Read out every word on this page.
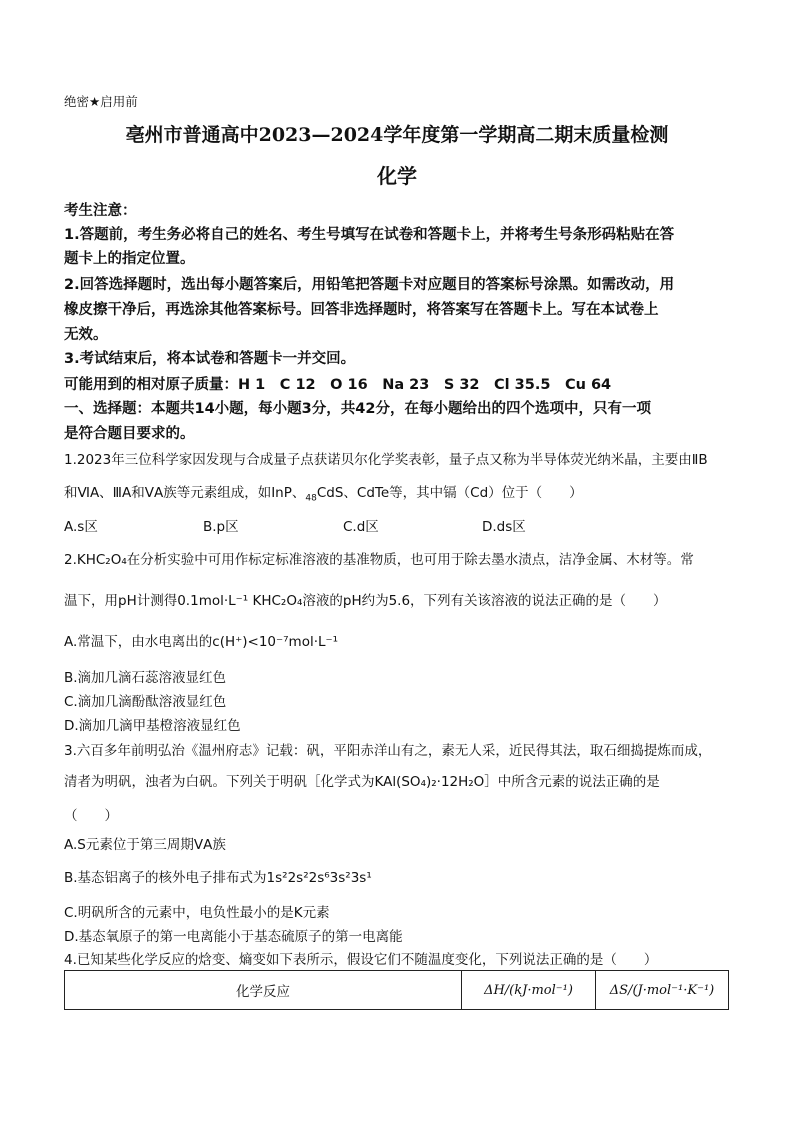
绝密★启用前
亳州市普通高中2023—2024学年度第一学期高二期末质量检测
化学
考生注意：
1.答题前，考生务必将自己的姓名、考生号填写在试卷和答题卡上，并将考生号条形码粘贴在答
题卡上的指定位置。
2.回答选择题时，选出每小题答案后，用铅笔把答题卡对应题目的答案标号涂黑。如需改动，用
橡皮擦干净后，再选涂其他答案标号。回答非选择题时，将答案写在答题卡上。写在本试卷上
无效。
3.考试结束后，将本试卷和答题卡一并交回。
可能用到的相对原子质量：H 1　C 12　O 16　Na 23　S 32　Cl 35.5　Cu 64
一、选择题：本题共14小题，每小题3分，共42分，在每小题给出的四个选项中，只有一项
是符合题目要求的。
1.2023年三位科学家因发现与合成量子点获诺贝尔化学奖表彰，量子点又称为半导体荧光纳米晶，主要由ⅡB
和ⅥA、ⅢA和ⅤA族等元素组成，如InP、$_{48}$CdS、CdTe等，其中镉（Cd）位于（　　）
A.s区	B.p区	C.d区	D.ds区
2.KHC₂O₄在分析实验中可用作标定标准溶液的基准物质，也可用于除去墨水渍点，洁净金属、木材等。常
温下，用pH计测得0.1mol·L⁻¹ KHC₂O₄溶液的pH约为5.6，下列有关该溶液的说法正确的是（　　）
A.常温下，由水电离出的c(H⁺)<10⁻⁷mol·L⁻¹
B.滴加几滴石蕊溶液显红色
C.滴加几滴酚酞溶液显红色
D.滴加几滴甲基橙溶液显红色
3.六百多年前明弘治《温州府志》记载：矾，平阳赤洋山有之，素无人采，近民得其法，取石细捣提炼而成，
清者为明矾，浊者为白矾。下列关于明矾［化学式为KAl(SO₄)₂·12H₂O］中所含元素的说法正确的是
（　　）
A.S元素位于第三周期ⅤA族
B.基态铝离子的核外电子排布式为1s²2s²2s⁶3s²3s¹
C.明矾所含的元素中，电负性最小的是K元素
D.基态氧原子的第一电离能小于基态硫原子的第一电离能
4.已知某些化学反应的焓变、熵变如下表所示，假设它们不随温度变化，下列说法正确的是（　　）
化学反应	ΔH/(kJ·mol⁻¹)	ΔS/(J·mol⁻¹·K⁻¹)
